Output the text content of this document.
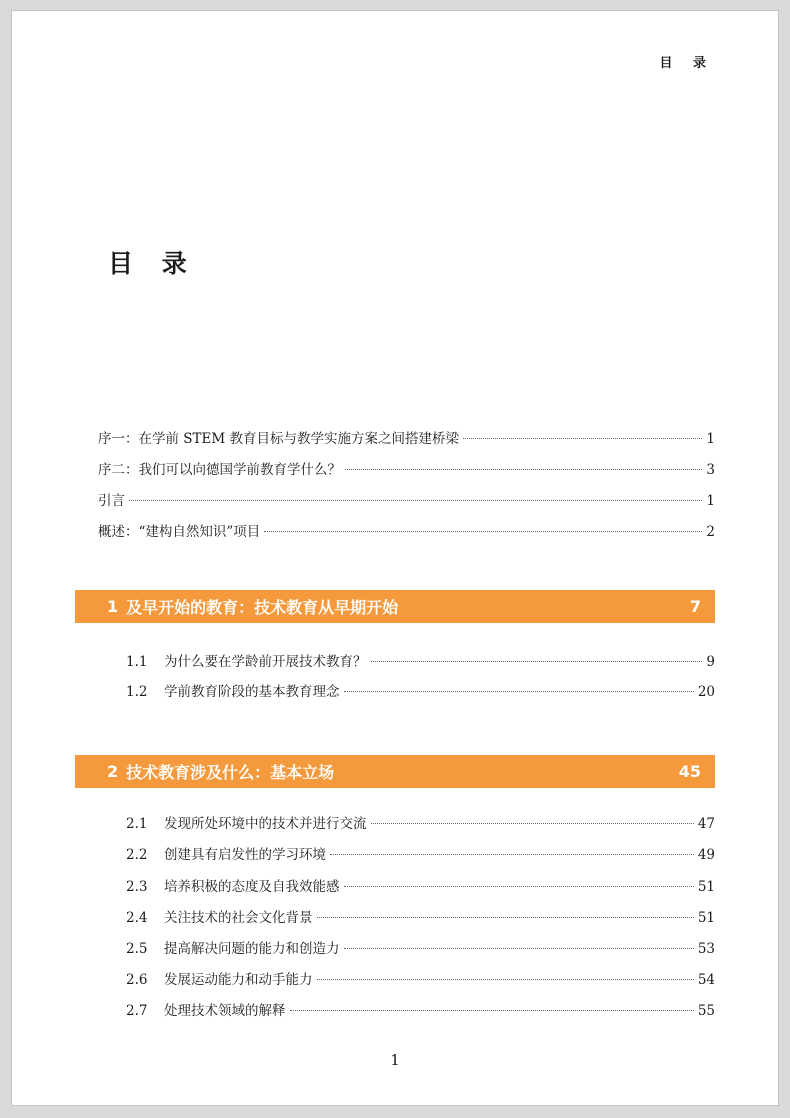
目 录
目 录
序一：在学前 STEM 教育目标与教学实施方案之间搭建桥梁	1
序二：我们可以向德国学前教育学什么？	3
引言	1
概述：“建构自然知识”项目	2
1 及早开始的教育：技术教育从早期开始	7
1.1	为什么要在学龄前开展技术教育？	9
1.2	学前教育阶段的基本教育理念	20
2 技术教育涉及什么：基本立场	45
2.1	发现所处环境中的技术并进行交流	47
2.2	创建具有启发性的学习环境	49
2.3	培养积极的态度及自我效能感	51
2.4	关注技术的社会文化背景	51
2.5	提高解决问题的能力和创造力	53
2.6	发展运动能力和动手能力	54
2.7	处理技术领域的解释	55
1
